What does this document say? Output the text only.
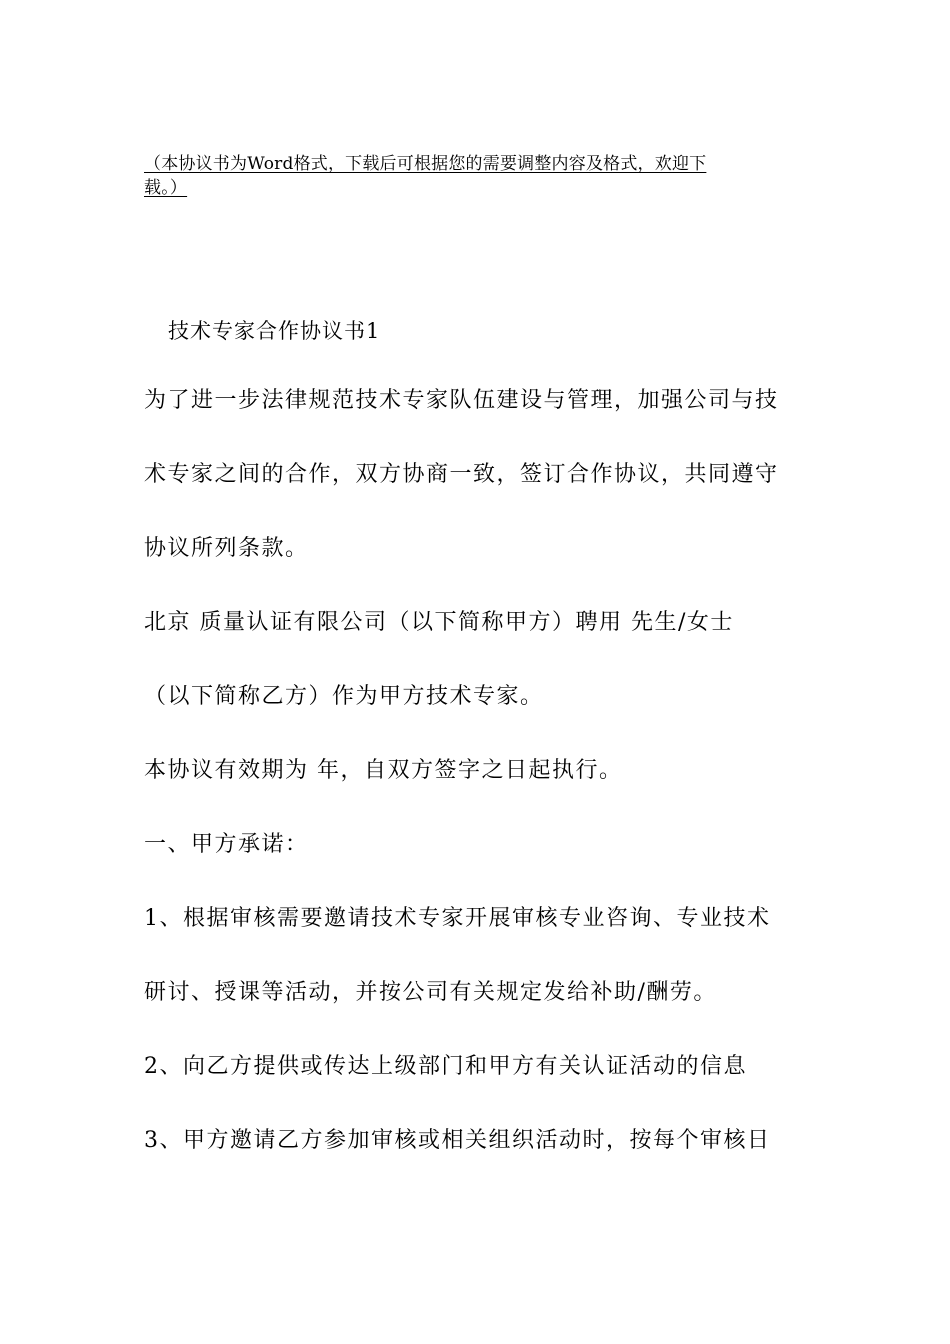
（本协议书为Word格式，下载后可根据您的需要调整内容及格式，欢迎下
载。）
技术专家合作协议书1
为了进一步法律规范技术专家队伍建设与管理，加强公司与技
术专家之间的合作，双方协商一致，签订合作协议，共同遵守
协议所列条款。
北京 质量认证有限公司（以下简称甲方）聘用 先生/女士
（以下简称乙方）作为甲方技术专家。
本协议有效期为 年，自双方签字之日起执行。
一、甲方承诺：
1、根据审核需要邀请技术专家开展审核专业咨询、专业技术
研讨、授课等活动，并按公司有关规定发给补助/酬劳。
2、向乙方提供或传达上级部门和甲方有关认证活动的信息
3、甲方邀请乙方参加审核或相关组织活动时，按每个审核日
